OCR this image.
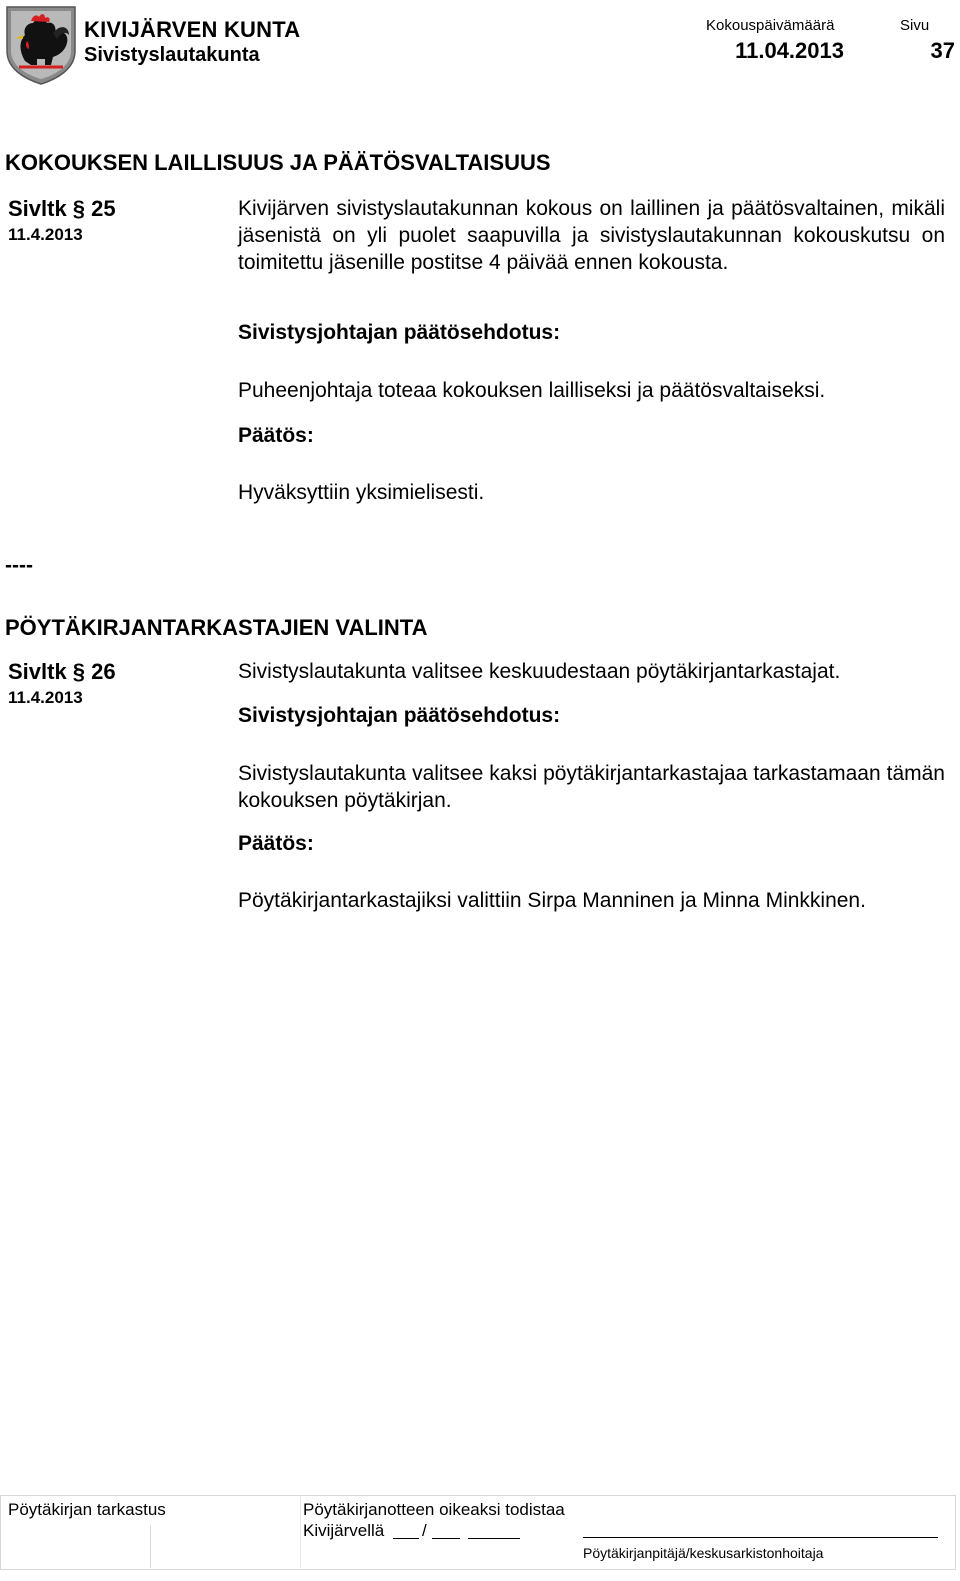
KIVIJÄRVEN KUNTA
Sivistyslautakunta
Kokouspäivämäärä
11.04.2013
Sivu
37
KOKOUKSEN LAILLISUUS JA PÄÄTÖSVALTAISUUS
Sivltk § 25
11.4.2013
Kivijärven sivistyslautakunnan kokous on laillinen ja päätösvaltainen, mikäli jäsenistä on yli puolet saapuvilla ja sivistyslautakunnan kokouskutsu on toimitettu jäsenille postitse 4 päivää ennen kokousta.
Sivistysjohtajan päätösehdotus:
Puheenjohtaja toteaa kokouksen lailliseksi ja päätösvaltaiseksi.
Päätös:
Hyväksyttiin yksimielisesti.
----
PÖYTÄKIRJANTARKASTAJIEN VALINTA
Sivltk § 26
11.4.2013
Sivistyslautakunta valitsee keskuudestaan pöytäkirjantarkastajat.
Sivistysjohtajan päätösehdotus:
Sivistyslautakunta valitsee kaksi pöytäkirjantarkastajaa tarkastamaan tämän kokouksen pöytäkirjan.
Päätös:
Pöytäkirjantarkastajiksi valittiin Sirpa Manninen ja Minna Minkkinen.
Pöytäkirjan tarkastus	Pöytäkirjanotteen oikeaksi todistaa
Kivijärvellä /
Pöytäkirjanpitäjä/keskusarkistonhoitaja
